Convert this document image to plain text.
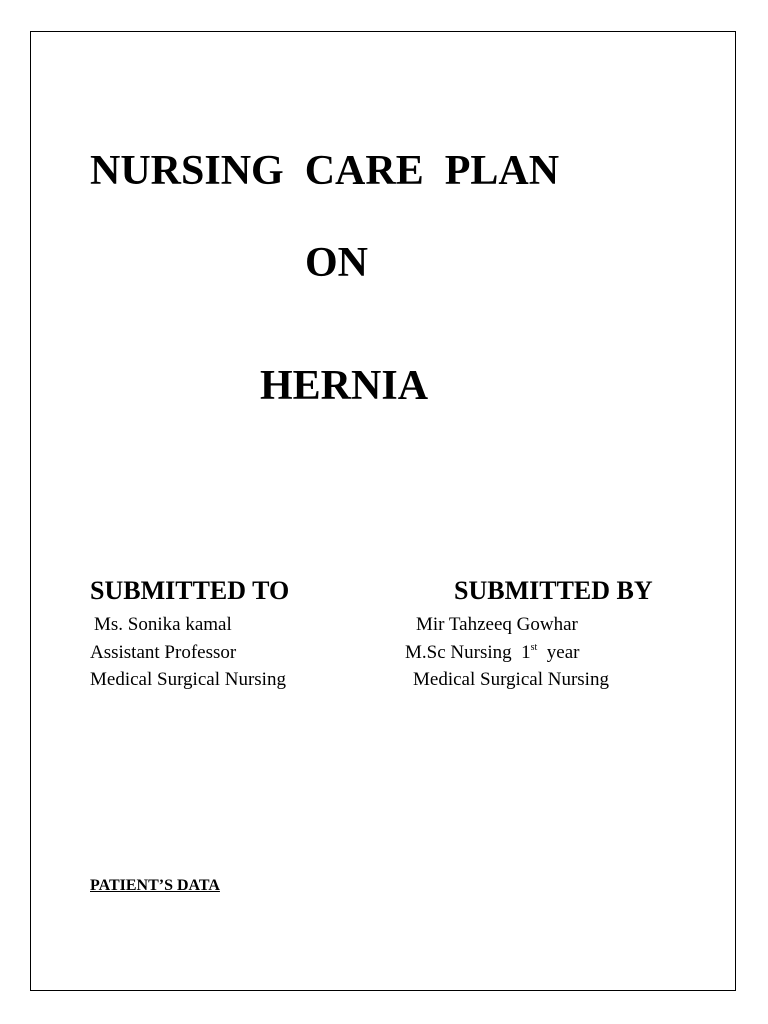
NURSING  CARE  PLAN
ON
HERNIA
SUBMITTED TO	SUBMITTED BY
Ms. Sonika kamal
Assistant Professor
Medical Surgical Nursing
Mir Tahzeeq Gowhar
M.Sc Nursing  1st  year
Medical Surgical Nursing
PATIENT’S DATA
